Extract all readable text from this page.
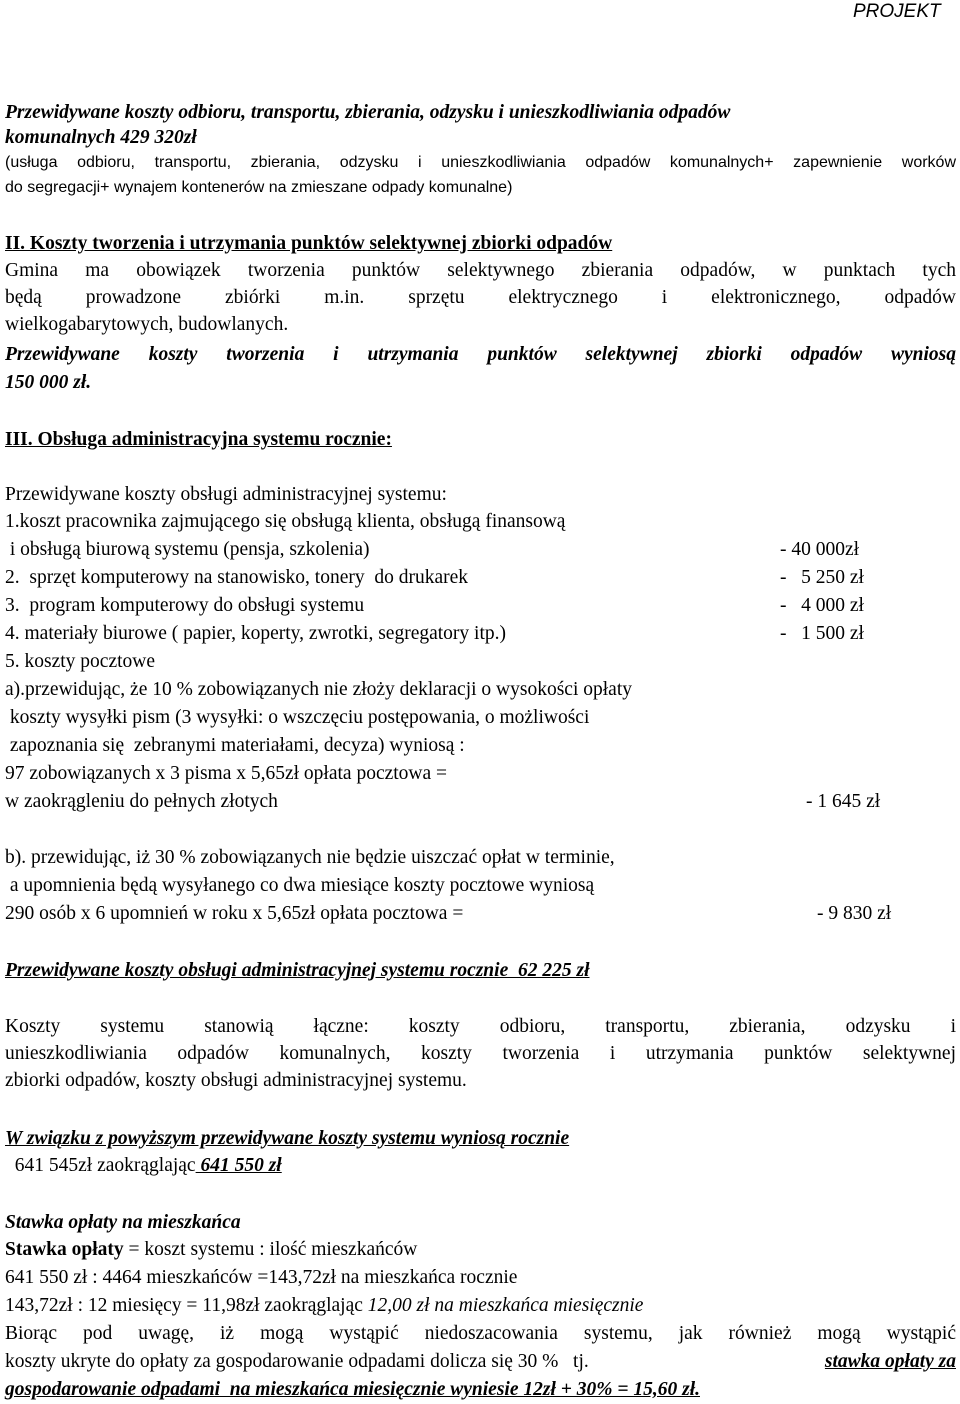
PROJEKT
Przewidywane koszty odbioru, transportu, zbierania, odzysku i unieszkodliwiania odpadów
komunalnych 429 320zł
(usługa odbioru, transportu, zbierania, odzysku i unieszkodliwiania odpadów komunalnych+ zapewnienie worków
do segregacji+ wynajem kontenerów na zmieszane odpady komunalne)
II. Koszty tworzenia i utrzymania punktów selektywnej zbiorki odpadów
Gmina ma obowiązek tworzenia punktów selektywnego zbierania odpadów, w punktach tych
będą prowadzone zbiórki m.in. sprzętu elektrycznego i elektronicznego, odpadów
wielkogabarytowych, budowlanych.
Przewidywane koszty tworzenia i utrzymania punktów selektywnej zbiorki odpadów wyniosą
150 000 zł.
III. Obsługa administracyjna systemu rocznie:
Przewidywane koszty obsługi administracyjnej systemu:
1.koszt pracownika zajmującego się obsługą klienta, obsługą finansową
i obsługą biurową systemu (pensja, szkolenia)	- 40 000zł
2.  sprzęt komputerowy na stanowisko, tonery  do drukarek	-   5 250 zł
3.  program komputerowy do obsługi systemu	-   4 000 zł
4. materiały biurowe ( papier, koperty, zwrotki, segregatory itp.)	-   1 500 zł
5. koszty pocztowe
a).przewidując, że 10 % zobowiązanych nie złoży deklaracji o wysokości opłaty
koszty wysyłki pism (3 wysyłki: o wszczęciu postępowania, o możliwości
zapoznania się  zebranymi materiałami, decyza) wyniosą :
97 zobowiązanych x 3 pisma x 5,65zł opłata pocztowa =
w zaokrągleniu do pełnych złotych	- 1 645 zł
b). przewidując, iż 30 % zobowiązanych nie będzie uiszczać opłat w terminie,
a upomnienia będą wysyłanego co dwa miesiące koszty pocztowe wyniosą
290 osób x 6 upomnień w roku x 5,65zł opłata pocztowa =	- 9 830 zł
Przewidywane koszty obsługi administracyjnej systemu rocznie  62 225 zł
Koszty systemu stanowią łączne: koszty odbioru, transportu, zbierania, odzysku i
unieszkodliwiania odpadów komunalnych, koszty tworzenia i utrzymania punktów selektywnej
zbiorki odpadów, koszty obsługi administracyjnej systemu.
W związku z powyższym przewidywane koszty systemu wyniosą rocznie
641 545zł zaokrąglając 641 550 zł
Stawka opłaty na mieszkańca
Stawka opłaty = koszt systemu : ilość mieszkańców
641 550 zł : 4464 mieszkańców =143,72zł na mieszkańca rocznie
143,72zł : 12 miesięcy = 11,98zł zaokrąglając 12,00 zł na mieszkańca miesięcznie
Biorąc pod uwagę, iż mogą wystąpić niedoszacowania systemu, jak również mogą wystąpić
koszty ukryte do opłaty za gospodarowanie odpadami dolicza się 30 %   tj.	stawka opłaty za
gospodarowanie odpadami  na mieszkańca miesięcznie wyniesie 12zł + 30% = 15,60 zł.
